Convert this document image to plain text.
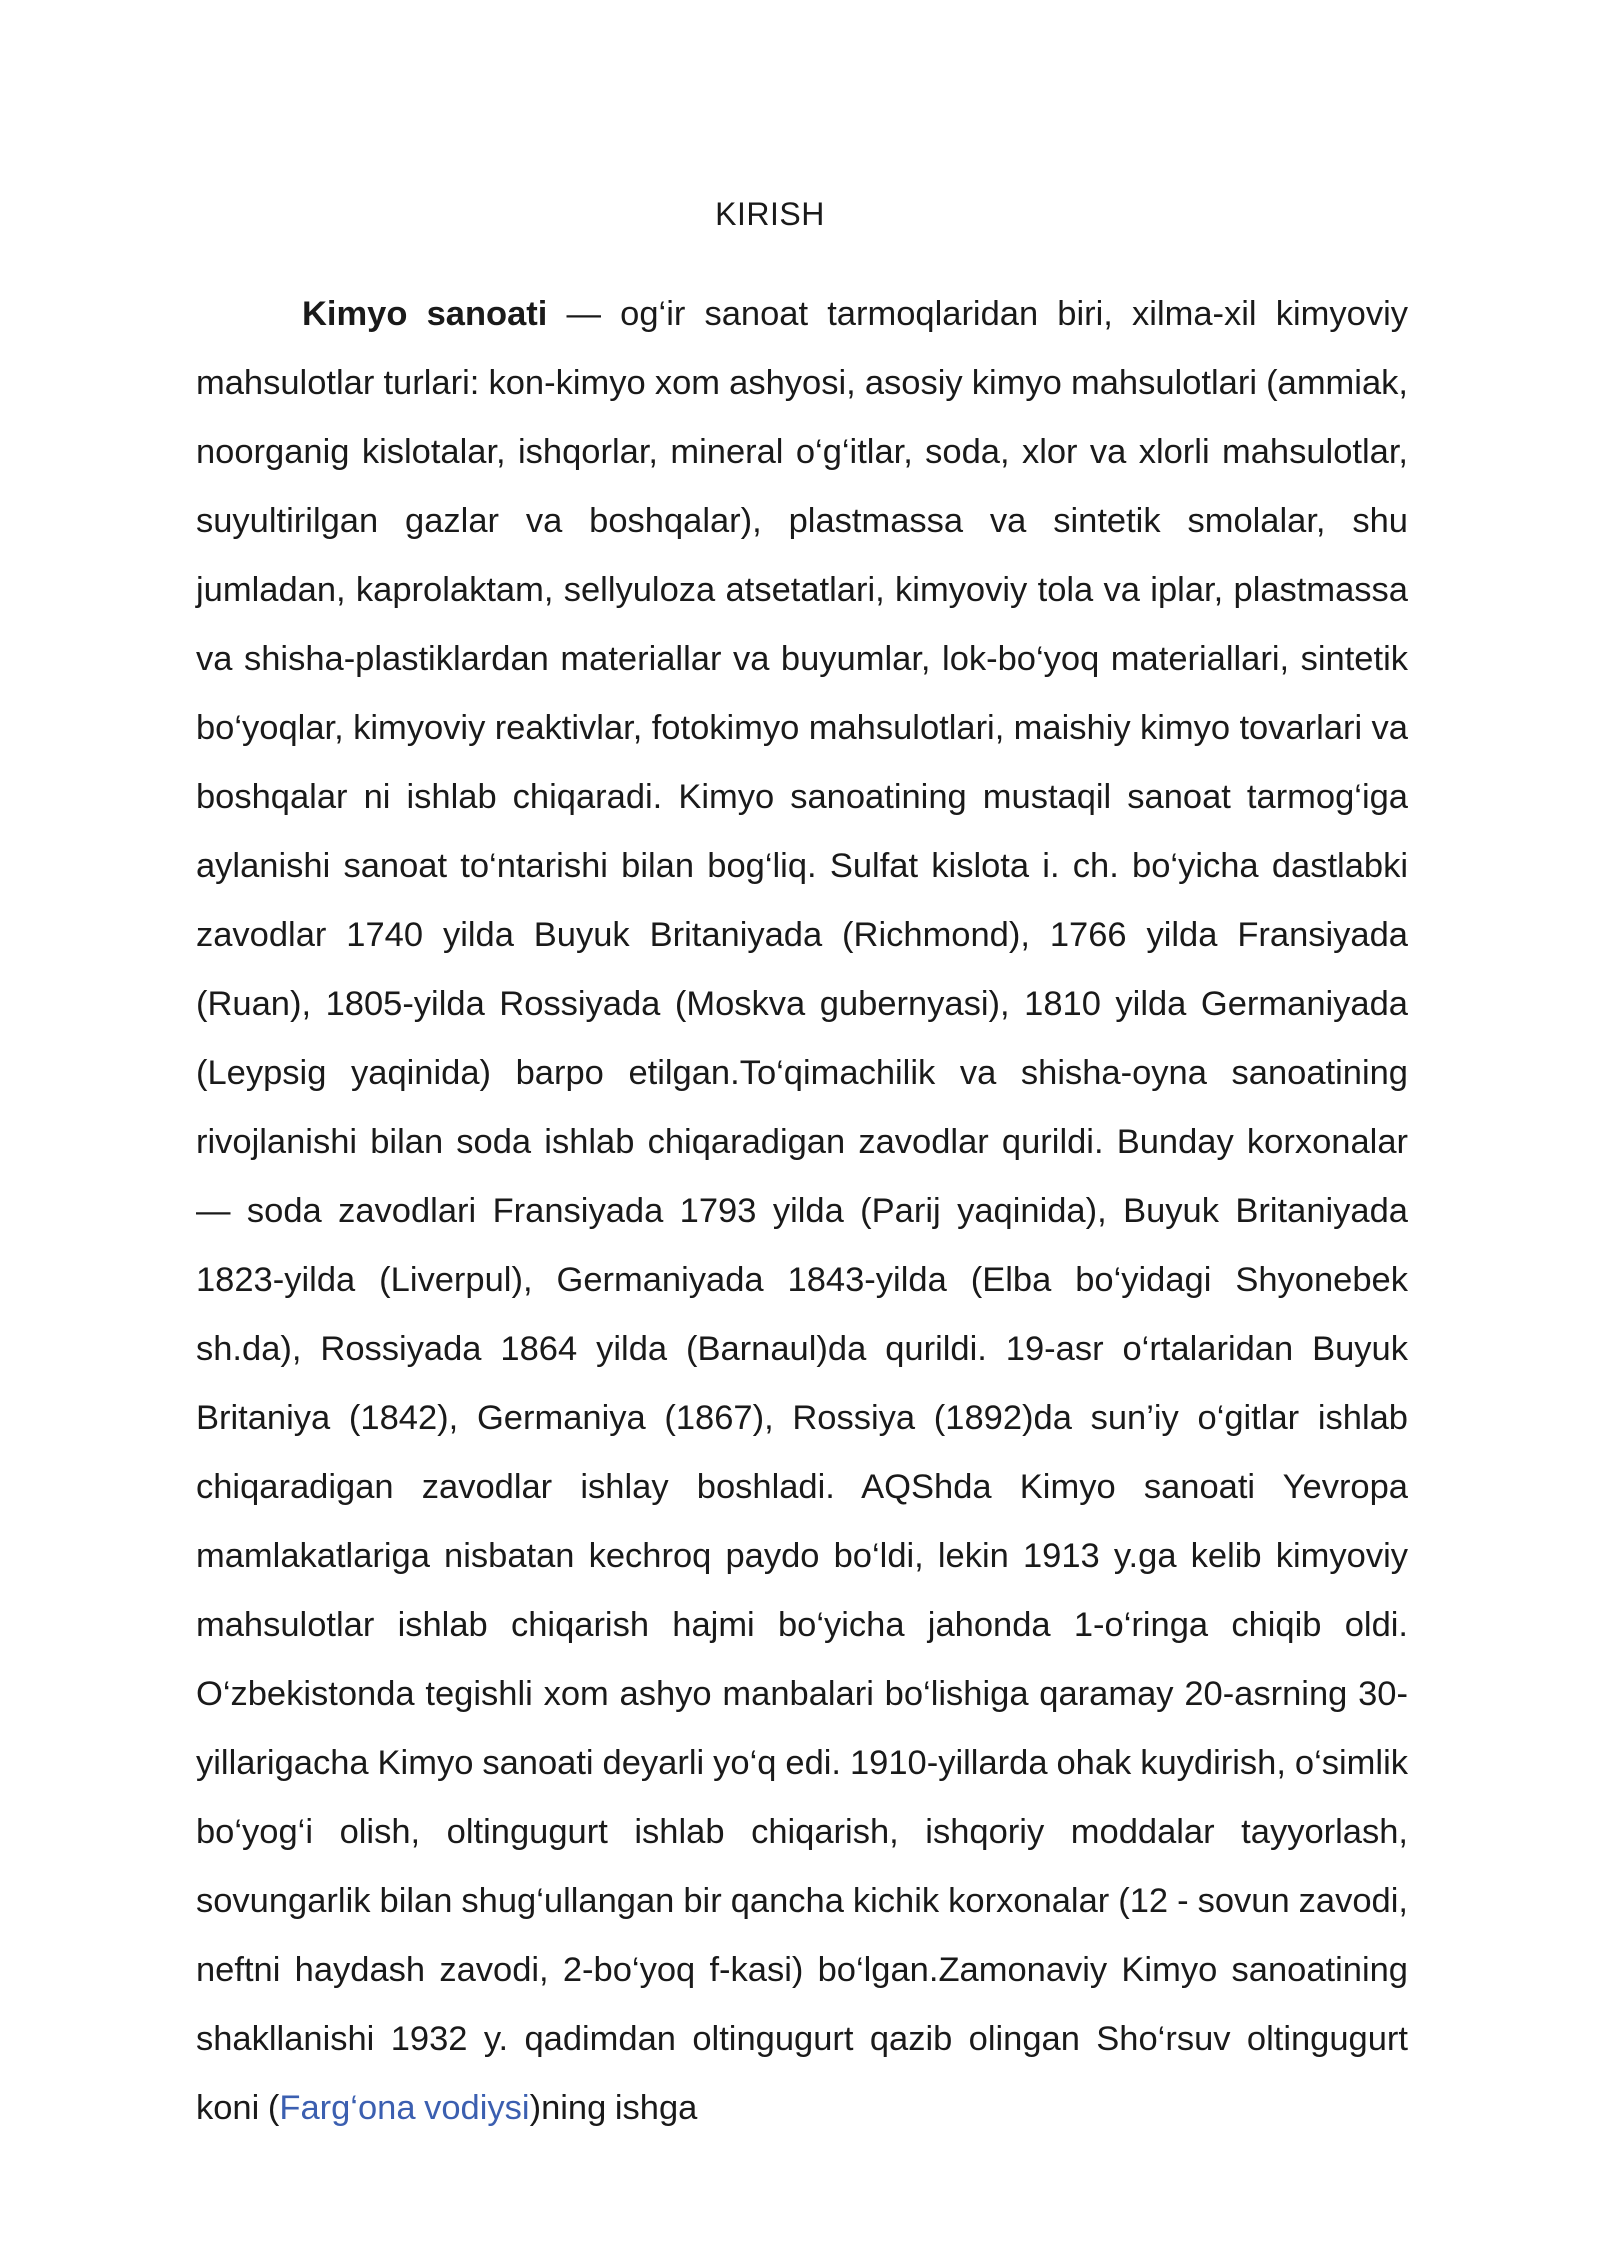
KIRISH

Kimyo sanoati — og‘ir sanoat tarmoqlaridan biri, xilma-xil kimyoviy mahsulotlar turlari: kon-kimyo xom ashyosi, asosiy kimyo mahsulotlari (ammiak, noorganig kislotalar, ishqorlar, mineral o‘g‘itlar, soda, xlor va xlorli mahsulotlar, suyultirilgan gazlar va boshqalar), plastmassa va sintetik smolalar, shu jumladan, kaprolaktam, sellyuloza atsetatlari, kimyoviy tola va iplar, plastmassa va shisha-plastiklardan materiallar va buyumlar, lok-bo‘yoq materiallari, sintetik bo‘yoqlar, kimyoviy reaktivlar, fotokimyo mahsulotlari, maishiy kimyo tovarlari va boshqalar ni ishlab chiqaradi. Kimyo sanoatining mustaqil sanoat tarmog‘iga aylanishi sanoat to‘ntarishi bilan bog‘liq. Sulfat kislota i. ch. bo‘yicha dastlabki zavodlar 1740 yilda Buyuk Britaniyada (Richmond), 1766 yilda Fransiyada (Ruan), 1805-yilda Rossiyada (Moskva gubernyasi), 1810 yilda Germaniyada (Leypsig yaqinida) barpo etilgan.To‘qimachilik va shisha-oyna sanoatining rivojlanishi bilan soda ishlab chiqaradigan zavodlar qurildi. Bunday korxonalar — soda zavodlari Fransiyada 1793 yilda (Parij yaqinida), Buyuk Britaniyada 1823-yilda (Liverpul), Germaniyada 1843-yilda (Elba bo‘yidagi Shyonebek sh.da), Rossiyada 1864 yilda (Barnaul)da qurildi. 19-asr o‘rtalaridan Buyuk Britaniya (1842), Germaniya (1867), Rossiya (1892)da sun’iy o‘gitlar ishlab chiqaradigan zavodlar ishlay boshladi. AQShda Kimyo sanoati Yevropa mamlakatlariga nisbatan kechroq paydo bo‘ldi, lekin 1913 y.ga kelib kimyoviy mahsulotlar ishlab chiqarish hajmi bo‘yicha jahonda 1-o‘ringa chiqib oldi. O‘zbekistonda tegishli xom ashyo manbalari bo‘lishiga qaramay 20-asrning 30-yillarigacha Kimyo sanoati deyarli yo‘q edi. 1910-yillarda ohak kuydirish, o‘simlik bo‘yog‘i olish, oltingugurt ishlab chiqarish, ishqoriy moddalar tayyorlash, sovungarlik bilan shug‘ullangan bir qancha kichik korxonalar (12 - sovun zavodi, neftni haydash zavodi, 2-bo‘yoq f-kasi) bo‘lgan.Zamonaviy Kimyo sanoatining shakllanishi 1932 y. qadimdan oltingugurt qazib olingan Sho‘rsuv oltingugurt koni (Farg‘ona vodiysi)ning ishga
